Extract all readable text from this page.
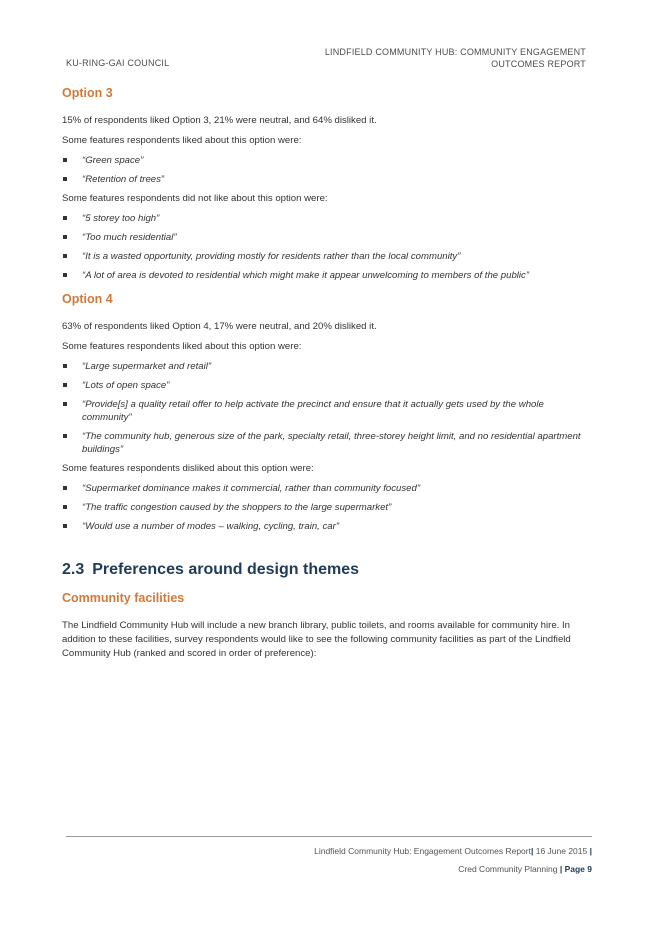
KU-RING-GAI COUNCIL
LINDFIELD COMMUNITY HUB: COMMUNITY ENGAGEMENT
OUTCOMES REPORT
Option 3

15% of respondents liked Option 3, 21% were neutral, and 64% disliked it.

Some features respondents liked about this option were:

“Green space”
“Retention of trees”

Some features respondents did not like about this option were:

“5 storey too high”
“Too much residential”
“It is a wasted opportunity, providing mostly for residents rather than the local community”
“A lot of area is devoted to residential which might make it appear unwelcoming to members of the public”
Option 4

63% of respondents liked Option 4, 17% were neutral, and 20% disliked it.

Some features respondents liked about this option were:

“Large supermarket and retail”
“Lots of open space”
“Provide[s] a quality retail offer to help activate the precinct and ensure that it actually gets used by the whole community”
“The community hub, generous size of the park, specialty retail, three-storey height limit, and no residential apartment buildings”

Some features respondents disliked about this option were:

“Supermarket dominance makes it commercial, rather than community focused”
“The traffic congestion caused by the shoppers to the large supermarket”
“Would use a number of modes – walking, cycling, train, car”
2.3 Preferences around design themes
Community facilities

The Lindfield Community Hub will include a new branch library, public toilets, and rooms available for community hire. In addition to these facilities, survey respondents would like to see the following community facilities as part of the Lindfield Community Hub (ranked and scored in order of preference):

Lindfield Community Hub: Engagement Outcomes Report| 16 June 2015 |
Cred Community Planning | Page 9
